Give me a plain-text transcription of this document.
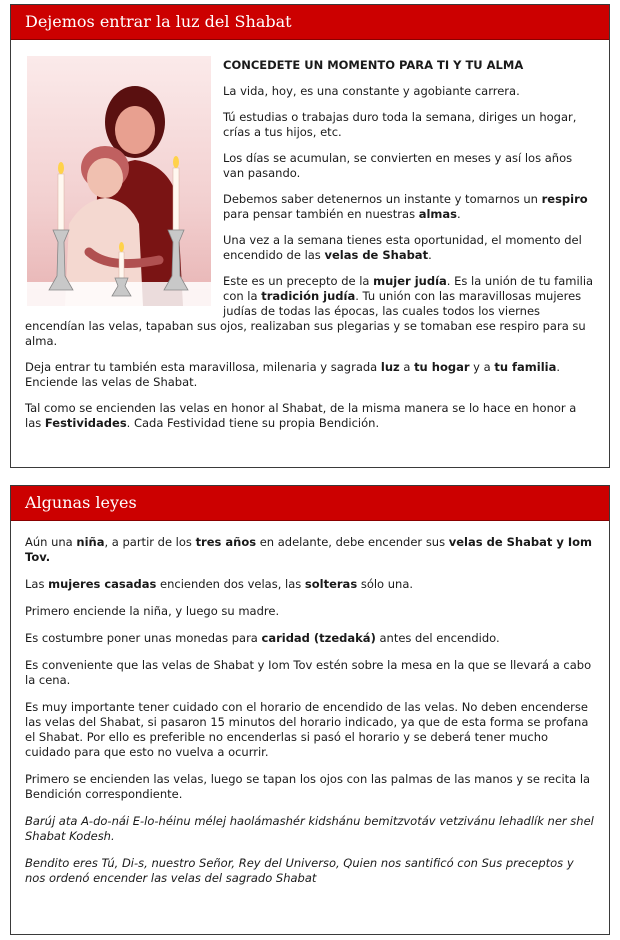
Dejemos entrar la luz del Shabat

CONCEDETE UN MOMENTO PARA TI Y TU ALMA

La vida, hoy, es una constante y agobiante carrera.

Tú estudias o trabajas duro toda la semana, diriges un hogar, crías a tus hijos, etc.

Los días se acumulan, se convierten en meses y así los años van pasando.

Debemos saber detenernos un instante y tomarnos un respiro para pensar también en nuestras almas.

Una vez a la semana tienes esta oportunidad, el momento del encendido de las velas de Shabat.

Este es un precepto de la mujer judía. Es la unión de tu familia con la tradición judía. Tu unión con las maravillosas mujeres judías de todas las épocas, las cuales todos los viernes encendían las velas, tapaban sus ojos, realizaban sus plegarias y se tomaban ese respiro para su alma.

Deja entrar tu también esta maravillosa, milenaria y sagrada luz a tu hogar y a tu familia. Enciende las velas de Shabat.

Tal como se encienden las velas en honor al Shabat, de la misma manera se lo hace en honor a las Festividades. Cada Festividad tiene su propia Bendición.

Algunas leyes

Aún una niña, a partir de los tres años en adelante, debe encender sus velas de Shabat y Iom Tov.

Las mujeres casadas encienden dos velas, las solteras sólo una.

Primero enciende la niña, y luego su madre.

Es costumbre poner unas monedas para caridad (tzedaká) antes del encendido.

Es conveniente que las velas de Shabat y Iom Tov estén sobre la mesa en la que se llevará a cabo la cena.

Es muy importante tener cuidado con el horario de encendido de las velas. No deben encenderse las velas del Shabat, si pasaron 15 minutos del horario indicado, ya que de esta forma se profana el Shabat. Por ello es preferible no encenderlas si pasó el horario y se deberá tener mucho cuidado para que esto no vuelva a ocurrir.

Primero se encienden las velas, luego se tapan los ojos con las palmas de las manos y se recita la Bendición correspondiente.

Barúj ata A-do-nái E-lo-héinu mélej haolámashér kidshánu bemitzvotáv vetzivánu lehadlík ner shel Shabat Kodesh.

Bendito eres Tú, Di-s, nuestro Señor, Rey del Universo, Quien nos santificó con Sus preceptos y nos ordenó encender las velas del sagrado Shabat
